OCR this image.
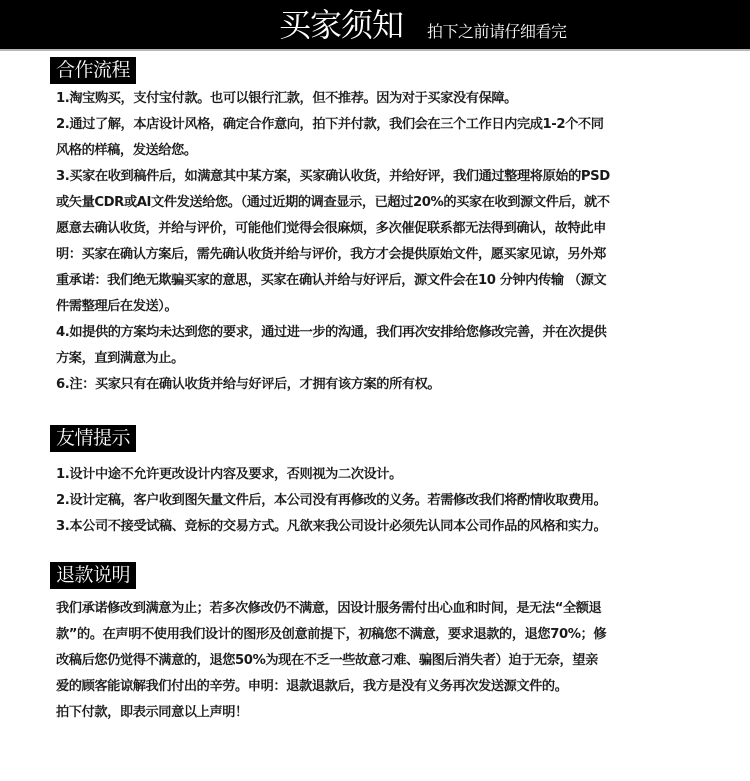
买家须知 拍下之前请仔细看完
合作流程
1.淘宝购买，支付宝付款。也可以银行汇款，但不推荐。因为对于买家没有保障。
2.通过了解，本店设计风格，确定合作意向，拍下并付款，我们会在三个工作日内完成1-2个不同
风格的样稿，发送给您。
3.买家在收到稿件后，如满意其中某方案，买家确认收货，并给好评，我们通过整理将原始的PSD
或矢量CDR或AI文件发送给您。（通过近期的调查显示，已超过20%的买家在收到源文件后，就不
愿意去确认收货，并给与评价，可能他们觉得会很麻烦，多次催促联系都无法得到确认，故特此申
明：买家在确认方案后，需先确认收货并给与评价，我方才会提供原始文件，愿买家见谅，另外郑
重承诺：我们绝无欺骗买家的意思，买家在确认并给与好评后，源文件会在10 分钟内传输 （源文
件需整理后在发送）。
4.如提供的方案均未达到您的要求，通过进一步的沟通，我们再次安排给您修改完善，并在次提供
方案，直到满意为止。
6.注：买家只有在确认收货并给与好评后，才拥有该方案的所有权。
友情提示
1.设计中途不允许更改设计内容及要求，否则视为二次设计。
2.设计定稿，客户收到图矢量文件后，本公司没有再修改的义务。若需修改我们将酌情收取费用。
3.本公司不接受试稿、竞标的交易方式。凡欲来我公司设计必须先认同本公司作品的风格和实力。
退款说明
我们承诺修改到满意为止；若多次修改仍不满意，因设计服务需付出心血和时间，是无法“全额退
款”的。在声明不使用我们设计的图形及创意前提下，初稿您不满意，要求退款的，退您70%；修
改稿后您仍觉得不满意的，退您50%为现在不乏一些故意刁难、骗图后消失者）迫于无奈，望亲
爱的顾客能谅解我们付出的辛劳。申明：退款退款后，我方是没有义务再次发送源文件的。
拍下付款，即表示同意以上声明！
